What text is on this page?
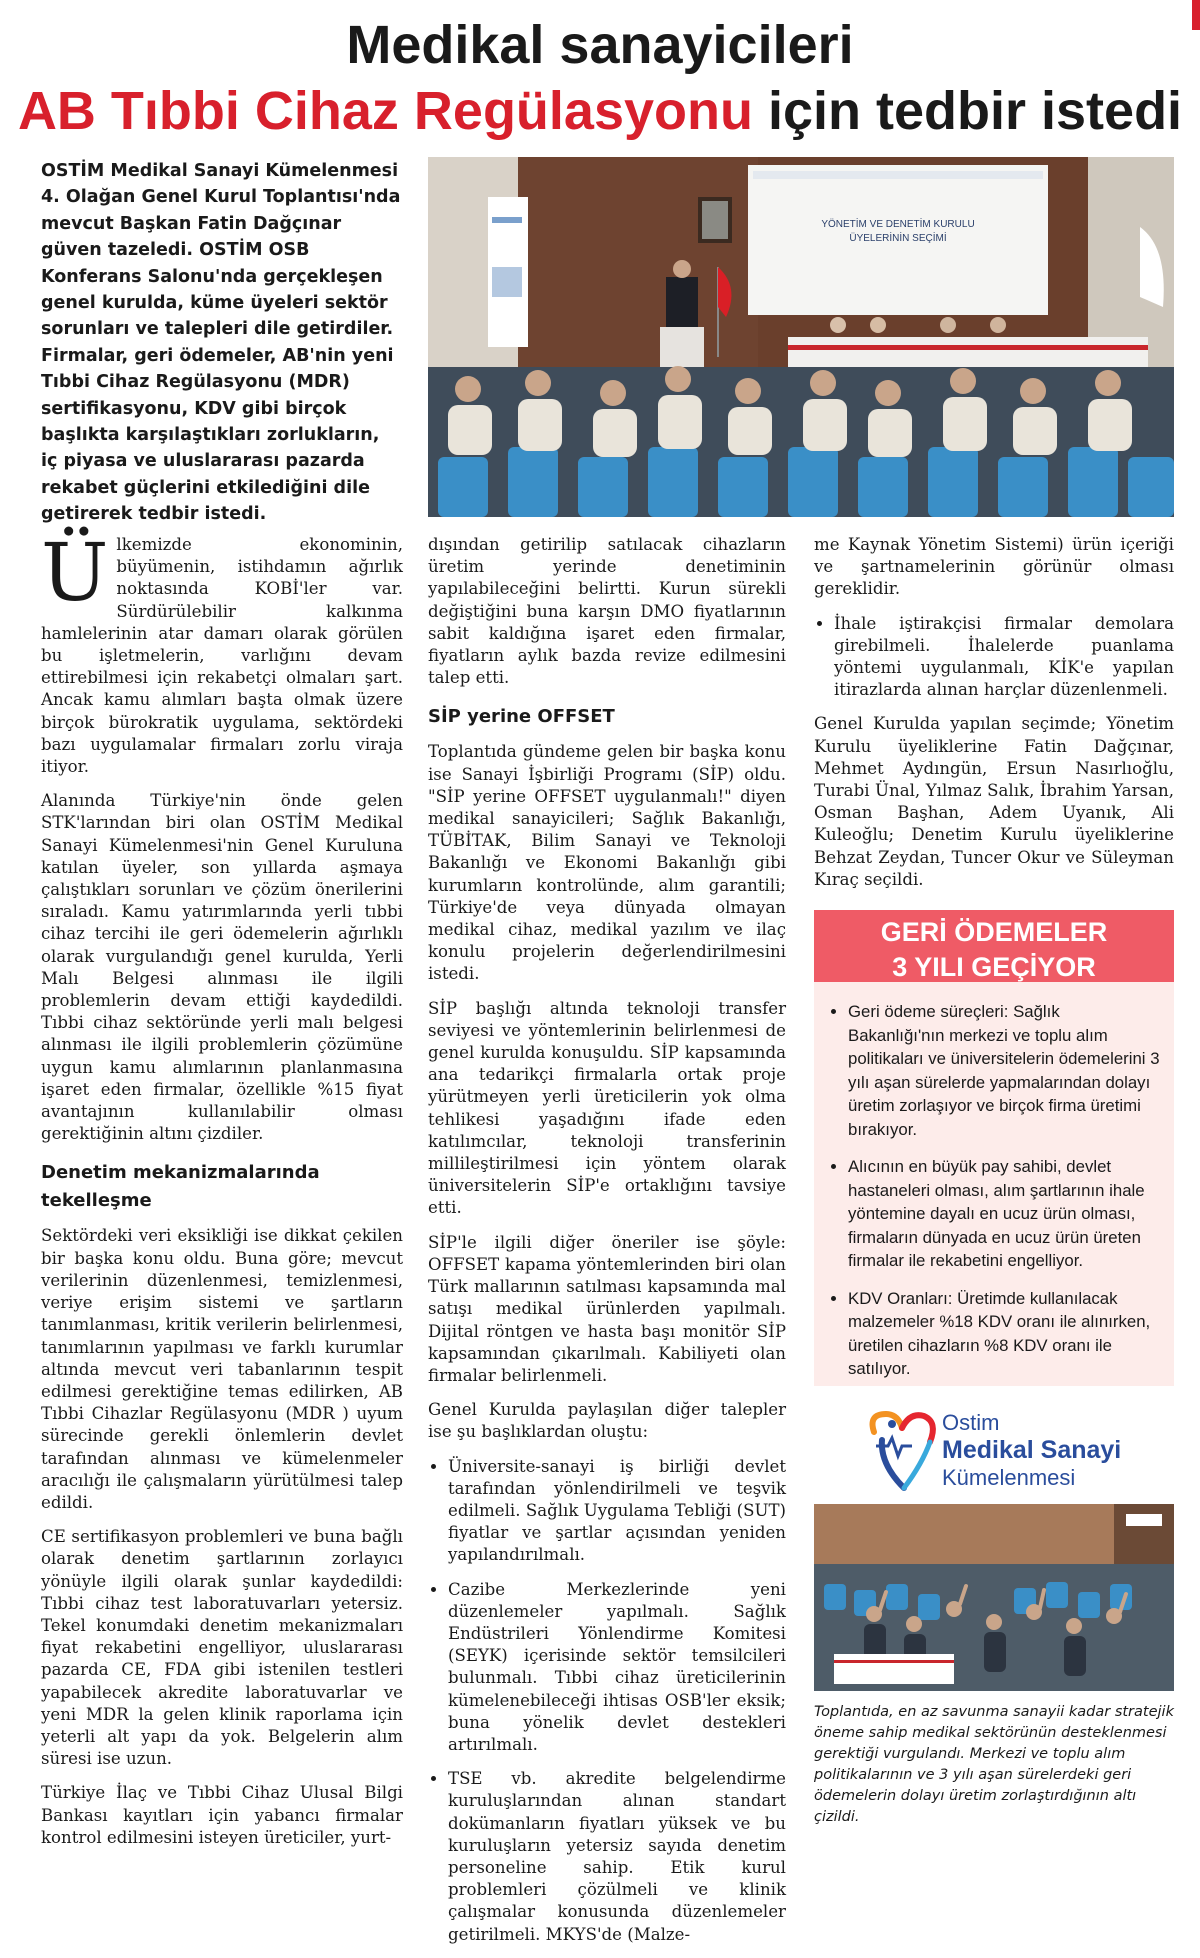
Medikal sanayicileri
AB Tıbbi Cihaz Regülasyonu için tedbir istedi
OSTİM Medikal Sanayi Kümelenmesi 4. Olağan Genel Kurul Toplantısı'nda mevcut Başkan Fatin Dağçınar güven tazeledi. OSTİM OSB Konferans Salonu'nda gerçekleşen genel kurulda, küme üyeleri sektör sorunları ve talepleri dile getirdiler. Firmalar, geri ödemeler, AB'nin yeni Tıbbi Cihaz Regülasyonu (MDR) sertifikasyonu, KDV gibi birçok başlıkta karşılaştıkları zorlukların, iç piyasa ve uluslararası pazarda rekabet güçlerini etkilediğini dile getirerek tedbir istedi.
YÖNETİM VE DENETİM KURULU
ÜYELERİNİN SEÇİMİ

Ülkemizde ekonominin, büyümenin, istihdamın ağırlık noktasında KOBİ'ler var. Sürdürülebilir kalkınma hamlelerinin atar damarı olarak görülen bu işletmelerin, varlığını devam ettirebilmesi için rekabetçi olmaları şart. Ancak kamu alımları başta olmak üzere birçok bürokratik uygulama, sektördeki bazı uygulamalar firmaları zorlu viraja itiyor.

Alanında Türkiye'nin önde gelen STK'larından biri olan OSTİM Medikal Sanayi Kümelenmesi'nin Genel Kuruluna katılan üyeler, son yıllarda aşmaya çalıştıkları sorunları ve çözüm önerilerini sıraladı. Kamu yatırımlarında yerli tıbbi cihaz tercihi ile geri ödemelerin ağırlıklı olarak vurgulandığı genel kurulda, Yerli Malı Belgesi alınması ile ilgili problemlerin devam ettiği kaydedildi. Tıbbi cihaz sektöründe yerli malı belgesi alınması ile ilgili problemlerin çözümüne uygun kamu alımlarının planlanmasına işaret eden firmalar, özellikle %15 fiyat avantajının kullanılabilir olması gerektiğinin altını çizdiler.

Denetim mekanizmalarında tekelleşme

Sektördeki veri eksikliği ise dikkat çekilen bir başka konu oldu. Buna göre; mevcut verilerinin düzenlenmesi, temizlenmesi, veriye erişim sistemi ve şartların tanımlanması, kritik verilerin belirlenmesi, tanımlarının yapılması ve farklı kurumlar altında mevcut veri tabanlarının tespit edilmesi gerektiğine temas edilirken, AB Tıbbi Cihazlar Regülasyonu (MDR ) uyum sürecinde gerekli önlemlerin devlet tarafından alınması ve kümelenmeler aracılığı ile çalışmaların yürütülmesi talep edildi.

CE sertifikasyon problemleri ve buna bağlı olarak denetim şartlarının zorlayıcı yönüyle ilgili olarak şunlar kaydedildi: Tıbbi cihaz test laboratuvarları yetersiz. Tekel konumdaki denetim mekanizmaları fiyat rekabetini engelliyor, uluslararası pazarda CE, FDA gibi istenilen testleri yapabilecek akredite laboratuvarlar ve yeni MDR la gelen klinik raporlama için yeterli alt yapı da yok. Belgelerin alım süresi ise uzun.

Türkiye İlaç ve Tıbbi Cihaz Ulusal Bilgi Bankası kayıtları için yabancı firmalar kontrol edilmesini isteyen üreticiler, yurt-

dışından getirilip satılacak cihazların üretim yerinde denetiminin yapılabileceğini belirtti. Kurun sürekli değiştiğini buna karşın DMO fiyatlarının sabit kaldığına işaret eden firmalar, fiyatların aylık bazda revize edilmesini talep etti.

SİP yerine OFFSET

Toplantıda gündeme gelen bir başka konu ise Sanayi İşbirliği Programı (SİP) oldu. "SİP yerine OFFSET uygulanmalı!" diyen medikal sanayicileri; Sağlık Bakanlığı, TÜBİTAK, Bilim Sanayi ve Teknoloji Bakanlığı ve Ekonomi Bakanlığı gibi kurumların kontrolünde, alım garantili; Türkiye'de veya dünyada olmayan medikal cihaz, medikal yazılım ve ilaç konulu projelerin değerlendirilmesini istedi.

SİP başlığı altında teknoloji transfer seviyesi ve yöntemlerinin belirlenmesi de genel kurulda konuşuldu. SİP kapsamında ana tedarikçi firmalarla ortak proje yürütmeyen yerli üreticilerin yok olma tehlikesi yaşadığını ifade eden katılımcılar, teknoloji transferinin millileştirilmesi için yöntem olarak üniversitelerin SİP'e ortaklığını tavsiye etti.

SİP'le ilgili diğer öneriler ise şöyle: OFFSET kapama yöntemlerinden biri olan Türk mallarının satılması kapsamında mal satışı medikal ürünlerden yapılmalı. Dijital röntgen ve hasta başı monitör SİP kapsamından çıkarılmalı. Kabiliyeti olan firmalar belirlenmeli.

Genel Kurulda paylaşılan diğer talepler ise şu başlıklardan oluştu:

• Üniversite-sanayi iş birliği devlet tarafından yönlendirilmeli ve teşvik edilmeli. Sağlık Uygulama Tebliği (SUT) fiyatlar ve şartlar açısından yeniden yapılandırılmalı.
• Cazibe Merkezlerinde yeni düzenlemeler yapılmalı. Sağlık Endüstrileri Yönlendirme Komitesi (SEYK) içerisinde sektör temsilcileri bulunmalı. Tıbbi cihaz üreticilerinin kümelenebileceği ihtisas OSB'ler eksik; buna yönelik devlet destekleri artırılmalı.
• TSE vb. akredite belgelendirme kuruluşlarından alınan standart dokümanların fiyatları yüksek ve bu kuruluşların yetersiz sayıda denetim personeline sahip. Etik kurul problemleri çözülmeli ve klinik çalışmalar konusunda düzenlemeler getirilmeli. MKYS'de (Malze-

me Kaynak Yönetim Sistemi) ürün içeriği ve şartnamelerinin görünür olması gereklidir.

• İhale iştirakçisi firmalar demolara girebilmeli. İhalelerde puanlama yöntemi uygulanmalı, KİK'e yapılan itirazlarda alınan harçlar düzenlenmeli.

Genel Kurulda yapılan seçimde; Yönetim Kurulu üyeliklerine Fatin Dağçınar, Mehmet Aydıngün, Ersun Nasırlıoğlu, Turabi Ünal, Yılmaz Salık, İbrahim Yarsan, Osman Başhan, Adem Uyanık, Ali Kuleoğlu; Denetim Kurulu üyeliklerine Behzat Zeydan, Tuncer Okur ve Süleyman Kıraç seçildi.

GERİ ÖDEMELER
3 YILI GEÇİYOR
• Geri ödeme süreçleri: Sağlık Bakanlığı'nın merkezi ve toplu alım politikaları ve üniversitelerin ödemelerini 3 yılı aşan sürelerde yapmalarından dolayı üretim zorlaşıyor ve birçok firma üretimi bırakıyor.
• Alıcının en büyük pay sahibi, devlet hastaneleri olması, alım şartlarının ihale yöntemine dayalı en ucuz ürün olması, firmaların dünyada en ucuz ürün üreten firmalar ile rekabetini engelliyor.
• KDV Oranları: Üretimde kullanılacak malzemeler %18 KDV oranı ile alınırken, üretilen cihazların %8 KDV oranı ile satılıyor.
Ostim
Medikal Sanayi
Kümelenmesi
Toplantıda, en az savunma sanayii kadar stratejik öneme sahip medikal sektörünün desteklenmesi gerektiği vurgulandı. Merkezi ve toplu alım politikalarının ve 3 yılı aşan sürelerdeki geri ödemelerin dolayı üretim zorlaştırdığının altı çizildi.
